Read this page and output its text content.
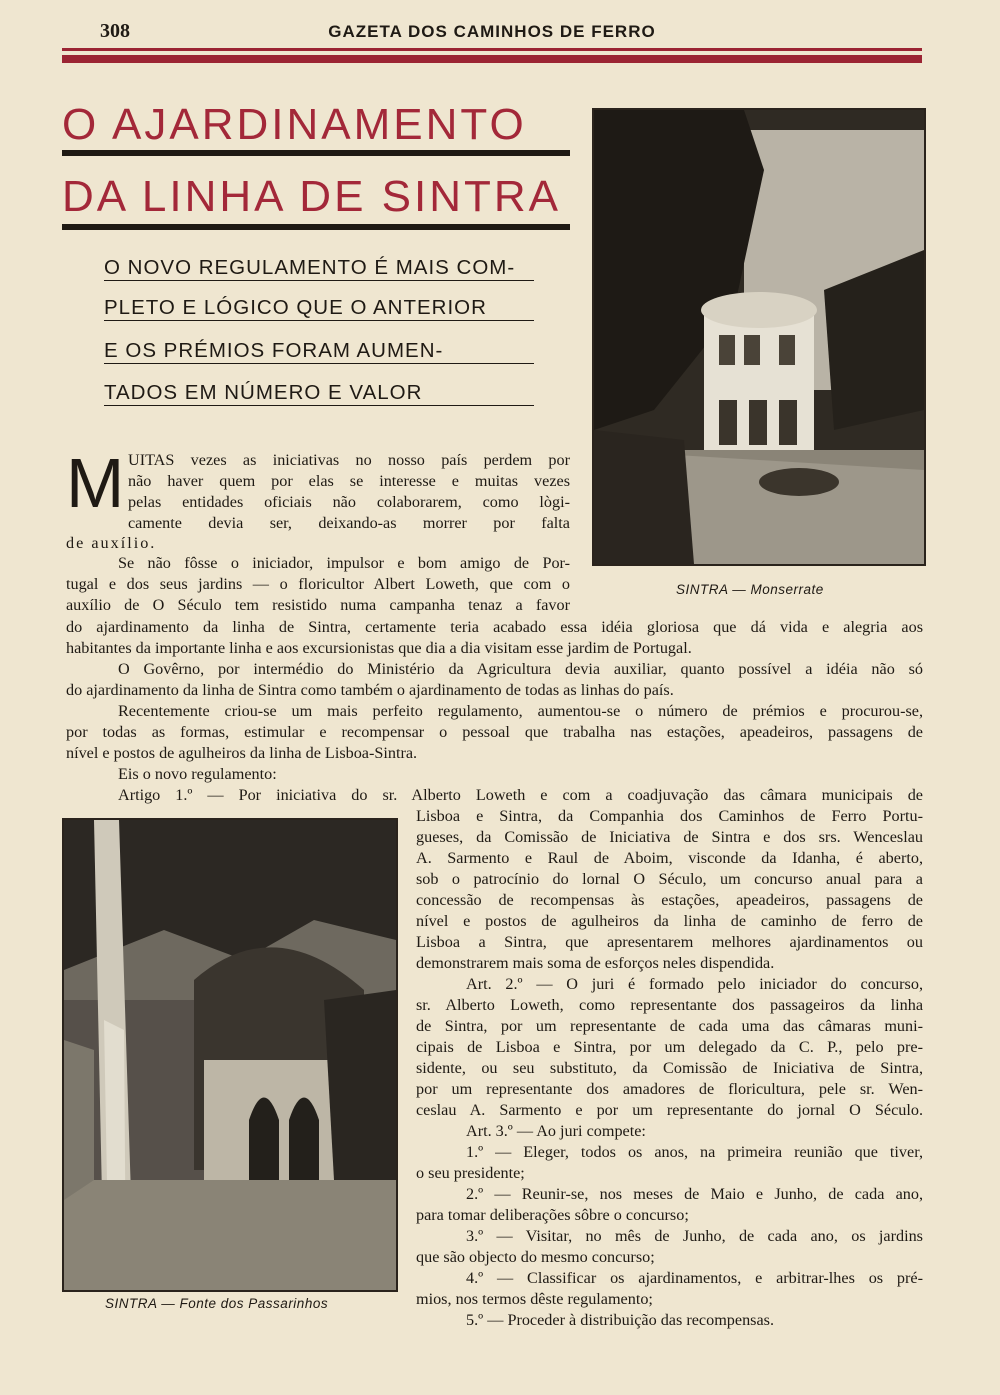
308	GAZETA DOS CAMINHOS DE FERRO
O AJARDINAMENTO
DA LINHA DE SINTRA
O NOVO REGULAMENTO É MAIS COM-
PLETO E LÓGICO QUE O ANTERIOR
E OS PRÉMIOS FORAM AUMEN-
TADOS EM NÚMERO E VALOR
SINTRA — Monserrate
M UITAS vezes as iniciativas no nosso país perdem por
não haver quem por elas se interesse e muitas vezes
pelas entidades oficiais não colaborarem, como lògi-
camente devia ser, deixando-as morrer por falta
de auxílio.
Se não fôsse o iniciador, impulsor e bom amigo de Por-
tugal e dos seus jardins — o floricultor Albert Loweth, que com o
auxílio de O Século tem resistido numa campanha tenaz a favor
do ajardinamento da linha de Sintra, certamente teria acabado essa idéia gloriosa que dá vida e alegria aos
habitantes da importante linha e aos excursionistas que dia a dia visitam esse jardim de Portugal.
O Govêrno, por intermédio do Ministério da Agricultura devia auxiliar, quanto possível a idéia não só
do ajardinamento da linha de Sintra como também o ajardinamento de todas as linhas do país.
Recentemente criou-se um mais perfeito regulamento, aumentou-se o número de prémios e procurou-se,
por todas as formas, estimular e recompensar o pessoal que trabalha nas estações, apeadeiros, passagens de
nível e postos de agulheiros da linha de Lisboa-Sintra.
Eis o novo regulamento:
Artigo 1.º — Por iniciativa do sr. Alberto Loweth e com a coadjuvação das câmara municipais de
Lisboa e Sintra, da Companhia dos Caminhos de Ferro Portu-
gueses, da Comissão de Iniciativa de Sintra e dos srs. Wenceslau
A. Sarmento e Raul de Aboim, visconde da Idanha, é aberto,
sob o patrocínio do lornal O Século, um concurso anual para a
concessão de recompensas às estações, apeadeiros, passagens de
nível e postos de agulheiros da linha de caminho de ferro de
Lisboa a Sintra, que apresentarem melhores ajardinamentos ou
demonstrarem mais soma de esforços neles dispendida.
Art. 2.º — O juri é formado pelo iniciador do concurso,
sr. Alberto Loweth, como representante dos passageiros da linha
de Sintra, por um representante de cada uma das câmaras muni-
cipais de Lisboa e Sintra, por um delegado da C. P., pelo pre-
sidente, ou seu substituto, da Comissão de Iniciativa de Sintra,
por um representante dos amadores de floricultura, pele sr. Wen-
ceslau A. Sarmento e por um representante do jornal O Século.
Art. 3.º — Ao juri compete:
1.º — Eleger, todos os anos, na primeira reunião que tiver,
o seu presidente;
2.º — Reunir-se, nos meses de Maio e Junho, de cada ano,
para tomar deliberações sôbre o concurso;
3.º — Visitar, no mês de Junho, de cada ano, os jardins
que são objecto do mesmo concurso;
4.º — Classificar os ajardinamentos, e arbitrar-lhes os pré-
mios, nos termos dêste regulamento;
5.º — Proceder à distribuição das recompensas.
SINTRA — Fonte dos Passarinhos
